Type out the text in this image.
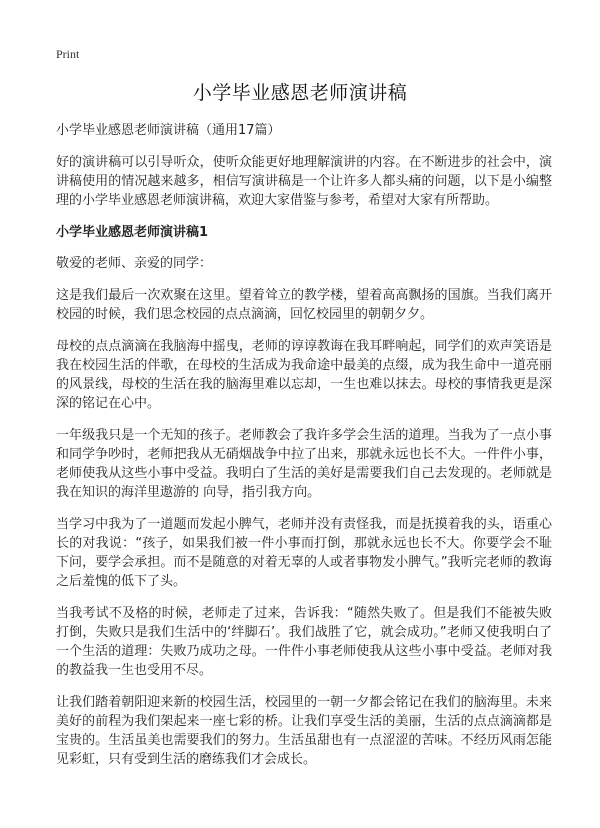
Print
小学毕业感恩老师演讲稿

小学毕业感恩老师演讲稿（通用17篇）

好的演讲稿可以引导听众，使听众能更好地理解演讲的内容。在不断进步的社会中，演讲稿使用的情况越来越多，相信写演讲稿是一个让许多人都头痛的问题，以下是小编整理的小学毕业感恩老师演讲稿，欢迎大家借鉴与参考，希望对大家有所帮助。

小学毕业感恩老师演讲稿1

敬爱的老师、亲爱的同学：

这是我们最后一次欢聚在这里。望着耸立的教学楼，望着高高飘扬的国旗。当我们离开校园的时候，我们思念校园的点点滴滴，回忆校园里的朝朝夕夕。

母校的点点滴滴在我脑海中摇曳，老师的谆谆教诲在我耳畔响起，同学们的欢声笑语是我在校园生活的伴歌，在母校的生活成为我命途中最美的点缀，成为我生命中一道亮丽的风景线，母校的生活在我的脑海里难以忘却，一生也难以抹去。母校的事情我更是深深的铭记在心中。

一年级我只是一个无知的孩子。老师教会了我许多学会生活的道理。当我为了一点小事和同学争吵时，老师把我从无硝烟战争中拉了出来，那就永远也长不大。一件件小事，老师使我从这些小事中受益。我明白了生活的美好是需要我们自己去发现的。老师就是我在知识的海洋里遨游的 向导，指引我方向。

当学习中我为了一道题而发起小脾气，老师并没有责怪我，而是抚摸着我的头，语重心长的对我说：“孩子，如果我们被一件小事而打倒，那就永远也长不大。你要学会不耻下问，要学会承担。而不是随意的对着无辜的人或者事物发小脾气。”我听完老师的教诲之后羞愧的低下了头。

当我考试不及格的时候，老师走了过来，告诉我：“随然失败了。但是我们不能被失败打倒，失败只是我们生活中的‘绊脚石’。我们战胜了它，就会成功。”老师又使我明白了一个生活的道理：失败乃成功之母。一件件小事老师使我从这些小事中受益。老师对我的教益我一生也受用不尽。

让我们踏着朝阳迎来新的校园生活，校园里的一朝一夕都会铭记在我们的脑海里。未来美好的前程为我们架起来一座七彩的桥。让我们享受生活的美丽，生活的点点滴滴都是宝贵的。生活虽美也需要我们的努力。生活虽甜也有一点涩涩的苦味。不经历风雨怎能见彩虹，只有受到生活的磨练我们才会成长。
